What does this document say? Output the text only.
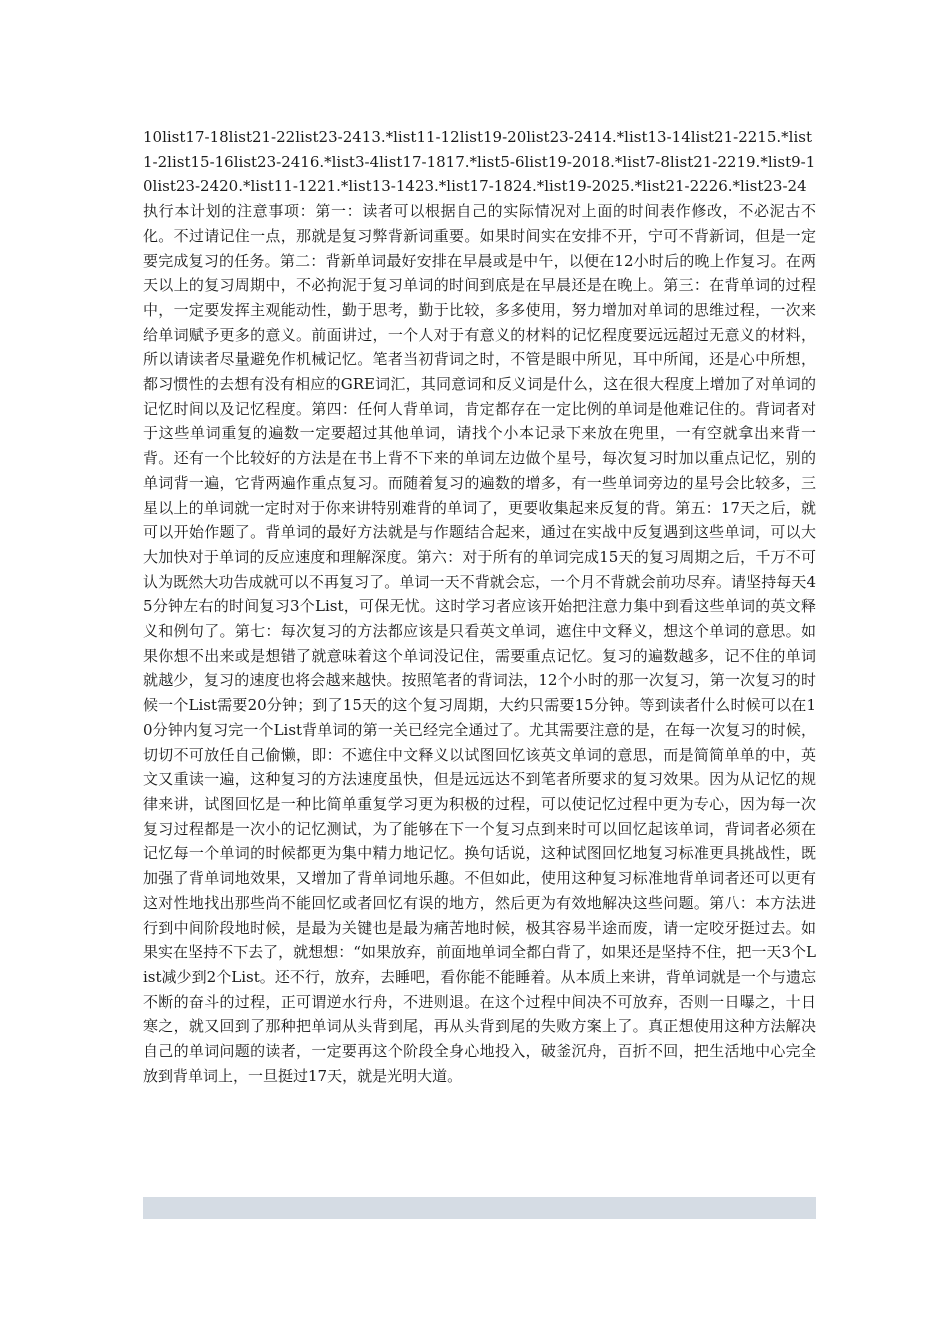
10list17-18list21-22list23-2413.*list11-12list19-20list23-2414.*list13-14list21-2215.*list1-2list15-16list23-2416.*list3-4list17-1817.*list5-6list19-2018.*list7-8list21-2219.*list9-10list23-2420.*list11-1221.*list13-1423.*list17-1824.*list19-2025.*list21-2226.*list23-24执行本计划的注意事项：第一：读者可以根据自己的实际情况对上面的时间表作修改，不必泥古不化。不过请记住一点，那就是复习弊背新词重要。如果时间实在安排不开，宁可不背新词，但是一定要完成复习的任务。第二：背新单词最好安排在早晨或是中午，以便在12小时后的晚上作复习。在两天以上的复习周期中，不必拘泥于复习单词的时间到底是在早晨还是在晚上。第三：在背单词的过程中，一定要发挥主观能动性，勤于思考，勤于比较，多多使用，努力增加对单词的思维过程，一次来给单词赋予更多的意义。前面讲过，一个人对于有意义的材料的记忆程度要远远超过无意义的材料，所以请读者尽量避免作机械记忆。笔者当初背词之时，不管是眼中所见，耳中所闻，还是心中所想，都习惯性的去想有没有相应的GRE词汇，其同意词和反义词是什么，这在很大程度上增加了对单词的记忆时间以及记忆程度。第四：任何人背单词，肯定都存在一定比例的单词是他难记住的。背词者对于这些单词重复的遍数一定要超过其他单词，请找个小本记录下来放在兜里，一有空就拿出来背一背。还有一个比较好的方法是在书上背不下来的单词左边做个星号，每次复习时加以重点记忆，别的单词背一遍，它背两遍作重点复习。而随着复习的遍数的增多，有一些单词旁边的星号会比较多，三星以上的单词就一定时对于你来讲特别难背的单词了，更要收集起来反复的背。第五：17天之后，就可以开始作题了。背单词的最好方法就是与作题结合起来，通过在实战中反复遇到这些单词，可以大大加快对于单词的反应速度和理解深度。第六：对于所有的单词完成15天的复习周期之后，千万不可认为既然大功告成就可以不再复习了。单词一天不背就会忘，一个月不背就会前功尽弃。请坚持每天45分钟左右的时间复习3个List，可保无忧。这时学习者应该开始把注意力集中到看这些单词的英文释义和例句了。第七：每次复习的方法都应该是只看英文单词，遮住中文释义，想这个单词的意思。如果你想不出来或是想错了就意味着这个单词没记住，需要重点记忆。复习的遍数越多，记不住的单词就越少，复习的速度也将会越来越快。按照笔者的背词法，12个小时的那一次复习，第一次复习的时候一个List需要20分钟；到了15天的这个复习周期，大约只需要15分钟。等到读者什么时候可以在10分钟内复习完一个List背单词的第一关已经完全通过了。尤其需要注意的是，在每一次复习的时候，切切不可放任自己偷懒，即：不遮住中文释义以试图回忆该英文单词的意思，而是简简单单的中，英文又重读一遍，这种复习的方法速度虽快，但是远远达不到笔者所要求的复习效果。因为从记忆的规律来讲，试图回忆是一种比简单重复学习更为积极的过程，可以使记忆过程中更为专心，因为每一次复习过程都是一次小的记忆测试，为了能够在下一个复习点到来时可以回忆起该单词，背词者必须在记忆每一个单词的时候都更为集中精力地记忆。换句话说，这种试图回忆地复习标准更具挑战性，既加强了背单词地效果，又增加了背单词地乐趣。不但如此，使用这种复习标准地背单词者还可以更有这对性地找出那些尚不能回忆或者回忆有误的地方，然后更为有效地解决这些问题。第八：本方法进行到中间阶段地时候，是最为关键也是最为痛苦地时候，极其容易半途而废，请一定咬牙挺过去。如果实在坚持不下去了，就想想：“如果放弃，前面地单词全都白背了，如果还是坚持不住，把一天3个List减少到2个List。还不行，放弃，去睡吧，看你能不能睡着。从本质上来讲，背单词就是一个与遗忘不断的奋斗的过程，正可谓逆水行舟，不进则退。在这个过程中间决不可放弃，否则一日曝之，十日寒之，就又回到了那种把单词从头背到尾，再从头背到尾的失败方案上了。真正想使用这种方法解决自己的单词问题的读者，一定要再这个阶段全身心地投入，破釜沉舟，百折不回，把生活地中心完全放到背单词上，一旦挺过17天，就是光明大道。
